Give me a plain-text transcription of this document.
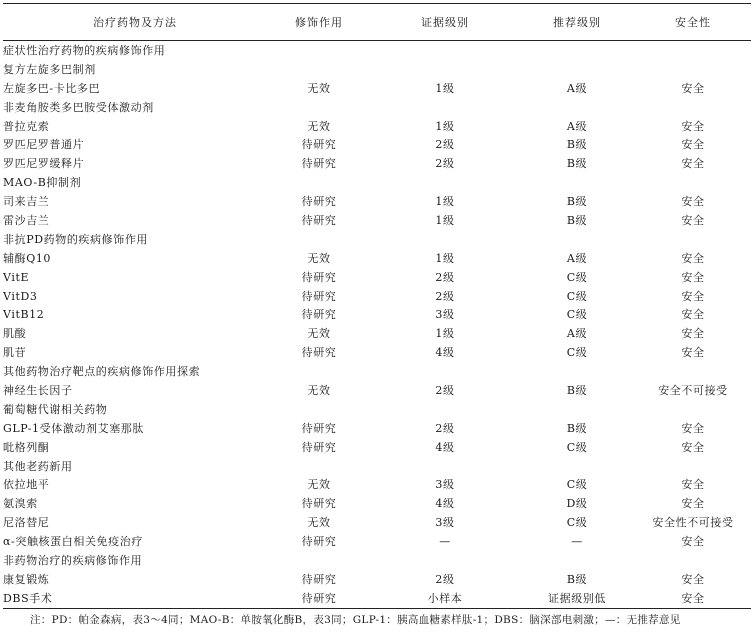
治疗药物及方法	修饰作用	证据级别	推荐级别	安全性
症状性治疗药物的疾病修饰作用				
复方左旋多巴制剂				
左旋多巴-卡比多巴	无效	1级	A级	安全
非麦角胺类多巴胺受体激动剂				
普拉克索	无效	1级	A级	安全
罗匹尼罗普通片	待研究	2级	B级	安全
罗匹尼罗缓释片	待研究	2级	B级	安全
MAO-B抑制剂				
司来吉兰	待研究	1级	B级	安全
雷沙吉兰	待研究	1级	B级	安全
非抗PD药物的疾病修饰作用				
辅酶Q10	无效	1级	A级	安全
VitE	待研究	2级	C级	安全
VitD3	待研究	2级	C级	安全
VitB12	待研究	3级	C级	安全
肌酸	无效	1级	A级	安全
肌苷	待研究	4级	C级	安全
其他药物治疗靶点的疾病修饰作用探索				
神经生长因子	无效	2级	B级	安全不可接受
葡萄糖代谢相关药物				
GLP-1受体激动剂艾塞那肽	待研究	2级	B级	安全
吡格列酮	待研究	4级	C级	安全
其他老药新用				
依拉地平	无效	3级	C级	安全
氨溴索	待研究	4级	D级	安全
尼洛替尼	无效	3级	C级	安全性不可接受
α-突触核蛋白相关免疫治疗	待研究	—	—	安全
非药物治疗的疾病修饰作用				
康复锻炼	待研究	2级	B级	安全
DBS手术	待研究	小样本	证据级别低	安全
注：PD：帕金森病，表3～4同；MAO-B：单胺氧化酶B，表3同；GLP-1：胰高血糖素样肽-1；DBS：脑深部电刺激；—：无推荐意见
